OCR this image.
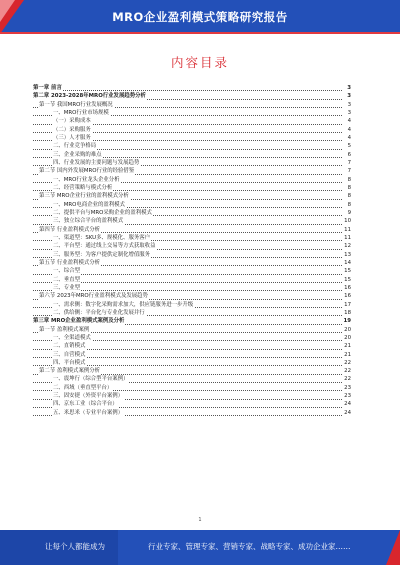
MRO企业盈利模式策略研究报告
内容目录
第一章 前言	3
第二章 2023-2028年MRO行业发展趋势分析	3
第一节 我国MRO行业发展概况	3
一、MRO行业市场规模	3
（一）采购成本	4
（二）采购服务	4
（三）人才服务	4
二、行业竞争格局	5
三、企业采购的难点	6
四、行业发展的主要问题与发展趋势	7
第二节 国内外发展MRO行业的经验借鉴	7
一、MRO行业龙头企业分析	8
二、经营策略与模式分析	8
第三节 MRO企业行业的盈利模式分析	8
一、MRO电商企业的盈利模式	8
二、提供平台与MRO采购企业的盈利模式	9
三、独立综合平台的盈利模式	10
第四节 行业盈利模式分析	11
一、渠道型：SKU多、规模化、服务客户	11
二、平台型：通过线上交易等方式获取收益	12
三、服务型：为客户提供定制化增值服务	13
第五节 行业盈利模式分析	14
一、综合型	15
二、垂直型	15
三、专业型	16
第六节 2023年MRO行业盈利模式及发展趋势	16
一、需求侧：数字化采购需求加大，供应链服务进一步升级	17
二、供给侧：平台化与专业化发展并行	18
第三章 MRO企业盈利模式案例及分析	19
第一节 盈利模式案例	20
一、全渠道模式	20
二、直销模式	21
三、自营模式	21
四、平台模式	22
第二节 盈利模式案例分析	22
一、震坤行（综合型平台案例）	22
二、西域（垂直型平台）	23
三、固安捷（外资平台案例）	23
四、京东工业（综合平台）	24
五、米思米（专业平台案例）	24
1
让每个人都能成为	行业专家、管理专家、营销专家、战略专家、成功企业家……
